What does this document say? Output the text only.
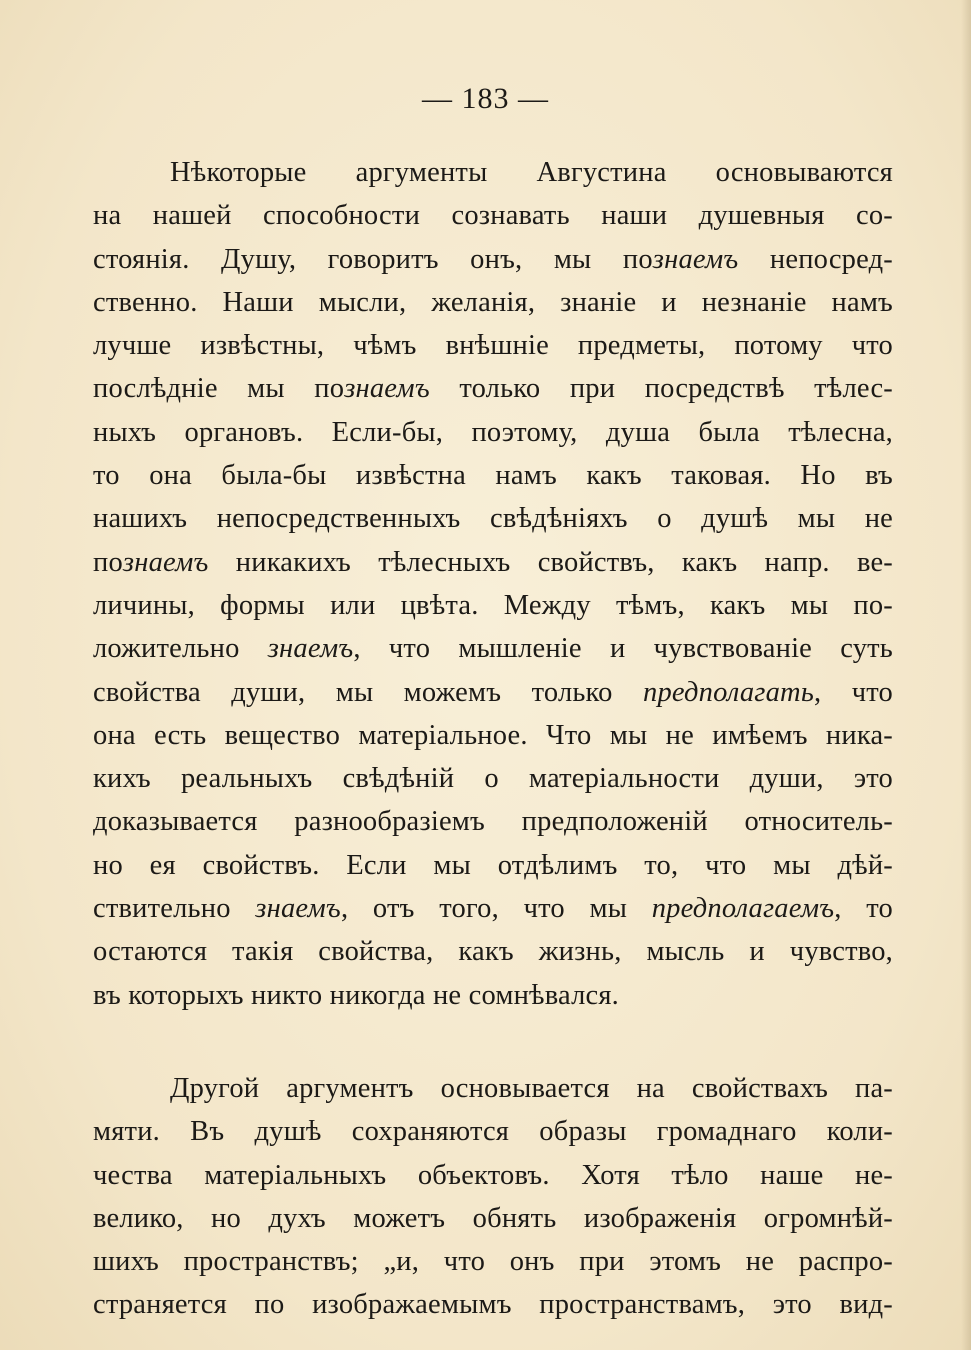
— 183 —
Нѣкоторые аргументы Августина основываются
на нашей способности сознавать наши душевныя со-
стоянія. Душу, говоритъ онъ, мы познаемъ непосред-
ственно. Наши мысли, желанія, знаніе и незнаніе намъ
лучше извѣстны, чѣмъ внѣшніе предметы, потому что
послѣдніе мы познаемъ только при посредствѣ тѣлес-
ныхъ органовъ. Если-бы, поэтому, душа была тѣлесна,
то она была-бы извѣстна намъ какъ таковая. Но въ
нашихъ непосредственныхъ свѣдѣніяхъ о душѣ мы не
познаемъ никакихъ тѣлесныхъ свойствъ, какъ напр. ве-
личины, формы или цвѣта. Между тѣмъ, какъ мы по-
ложительно знаемъ, что мышленіе и чувствованіе суть
свойства души, мы можемъ только предполагать, что
она есть вещество матеріальное. Что мы не имѣемъ ника-
кихъ реальныхъ свѣдѣній о матеріальности души, это
доказывается разнообразіемъ предположеній относитель-
но ея свойствъ. Если мы отдѣлимъ то, что мы дѣй-
ствительно знаемъ, отъ того, что мы предполагаемъ, то
остаются такія свойства, какъ жизнь, мысль и чувство,
въ которыхъ никто никогда не сомнѣвался.
Другой аргументъ основывается на свойствахъ па-
мяти. Въ душѣ сохраняются образы громаднаго коли-
чества матеріальныхъ объектовъ. Хотя тѣло наше не-
велико, но духъ можетъ обнять изображенія огромнѣй-
шихъ пространствъ; „и, что онъ при этомъ не распро-
страняется по изображаемымъ пространствамъ, это вид-
